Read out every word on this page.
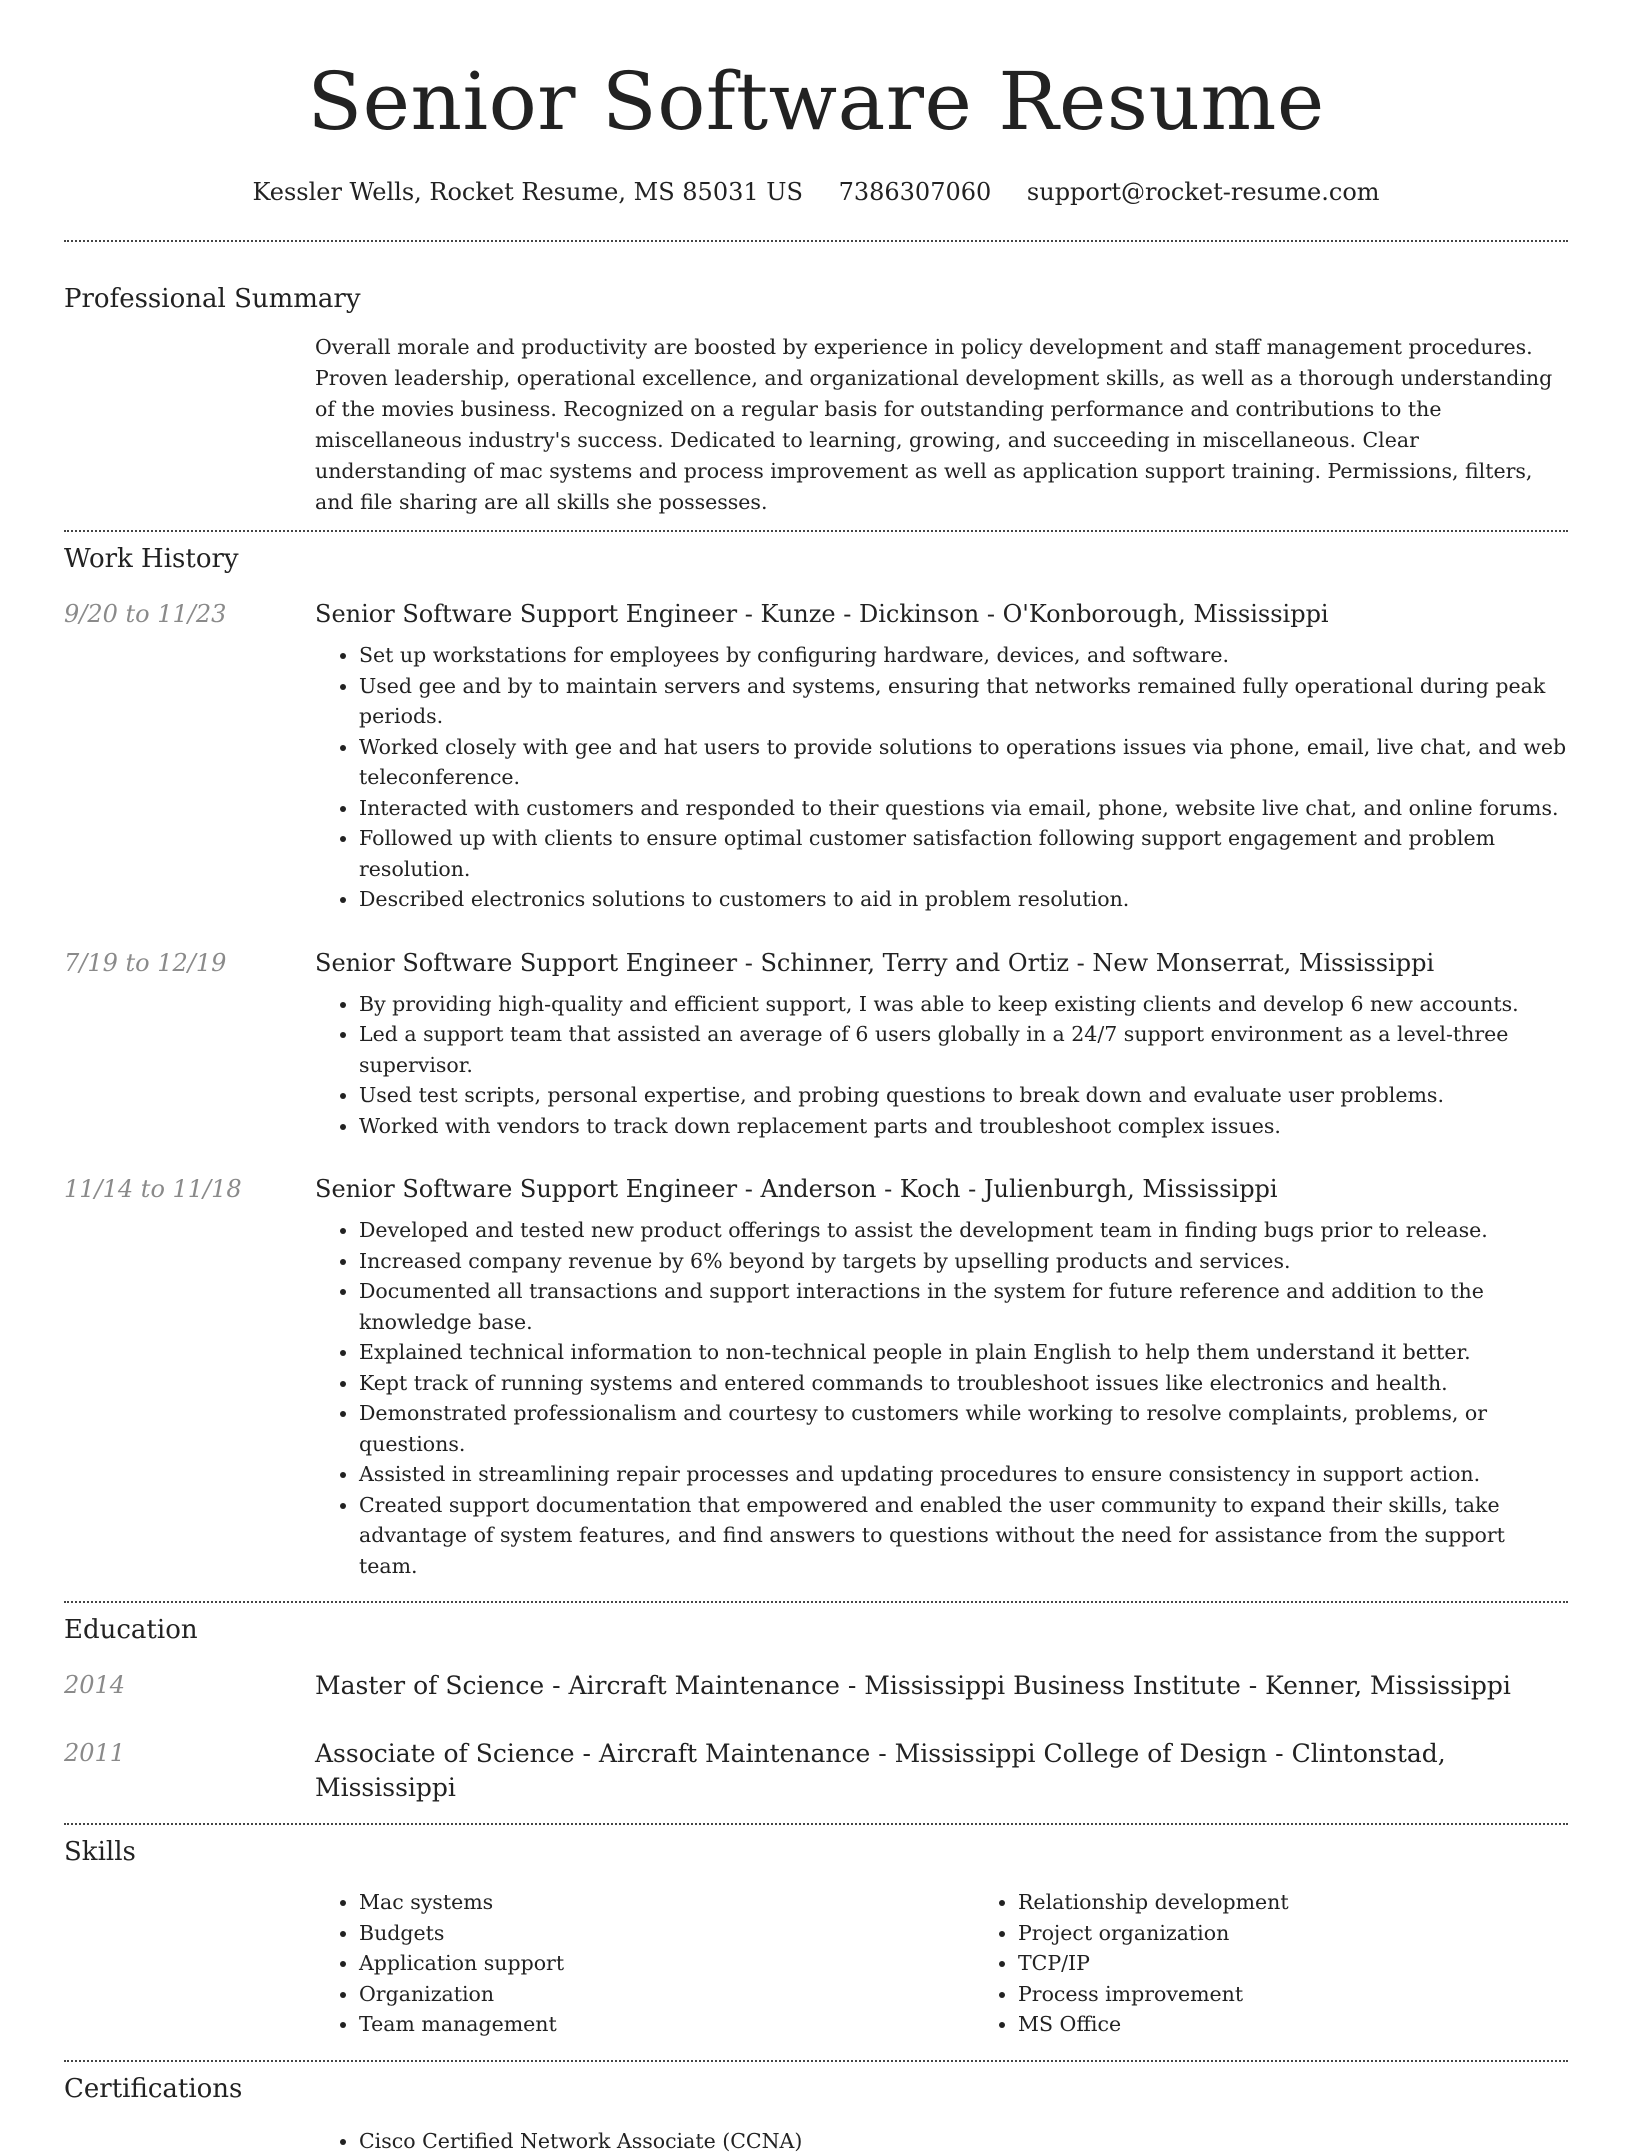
Senior Software Resume
Kessler Wells, Rocket Resume, MS 85031 US 7386307060 support@rocket-resume.com
Professional Summary
Overall morale and productivity are boosted by experience in policy development and staff management procedures. Proven leadership, operational excellence, and organizational development skills, as well as a thorough understanding of the movies business. Recognized on a regular basis for outstanding performance and contributions to the miscellaneous industry's success. Dedicated to learning, growing, and succeeding in miscellaneous. Clear understanding of mac systems and process improvement as well as application support training. Permissions, filters, and file sharing are all skills she possesses.
Work History
9/20 to 11/23	Senior Software Support Engineer - Kunze - Dickinson - O'Konborough, Mississippi
• Set up workstations for employees by configuring hardware, devices, and software.
• Used gee and by to maintain servers and systems, ensuring that networks remained fully operational during peak periods.
• Worked closely with gee and hat users to provide solutions to operations issues via phone, email, live chat, and web teleconference.
• Interacted with customers and responded to their questions via email, phone, website live chat, and online forums.
• Followed up with clients to ensure optimal customer satisfaction following support engagement and problem resolution.
• Described electronics solutions to customers to aid in problem resolution.
7/19 to 12/19	Senior Software Support Engineer - Schinner, Terry and Ortiz - New Monserrat, Mississippi
• By providing high-quality and efficient support, I was able to keep existing clients and develop 6 new accounts.
• Led a support team that assisted an average of 6 users globally in a 24/7 support environment as a level-three supervisor.
• Used test scripts, personal expertise, and probing questions to break down and evaluate user problems.
• Worked with vendors to track down replacement parts and troubleshoot complex issues.
11/14 to 11/18	Senior Software Support Engineer - Anderson - Koch - Julienburgh, Mississippi
• Developed and tested new product offerings to assist the development team in finding bugs prior to release.
• Increased company revenue by 6% beyond by targets by upselling products and services.
• Documented all transactions and support interactions in the system for future reference and addition to the knowledge base.
• Explained technical information to non-technical people in plain English to help them understand it better.
• Kept track of running systems and entered commands to troubleshoot issues like electronics and health.
• Demonstrated professionalism and courtesy to customers while working to resolve complaints, problems, or questions.
• Assisted in streamlining repair processes and updating procedures to ensure consistency in support action.
• Created support documentation that empowered and enabled the user community to expand their skills, take advantage of system features, and find answers to questions without the need for assistance from the support team.
Education
2014	Master of Science - Aircraft Maintenance - Mississippi Business Institute - Kenner, Mississippi
2011	Associate of Science - Aircraft Maintenance - Mississippi College of Design - Clintonstad, Mississippi
Skills
• Mac systems
• Budgets
• Application support
• Organization
• Team management
• Relationship development
• Project organization
• TCP/IP
• Process improvement
• MS Office
Certifications
• Cisco Certified Network Associate (CCNA)
